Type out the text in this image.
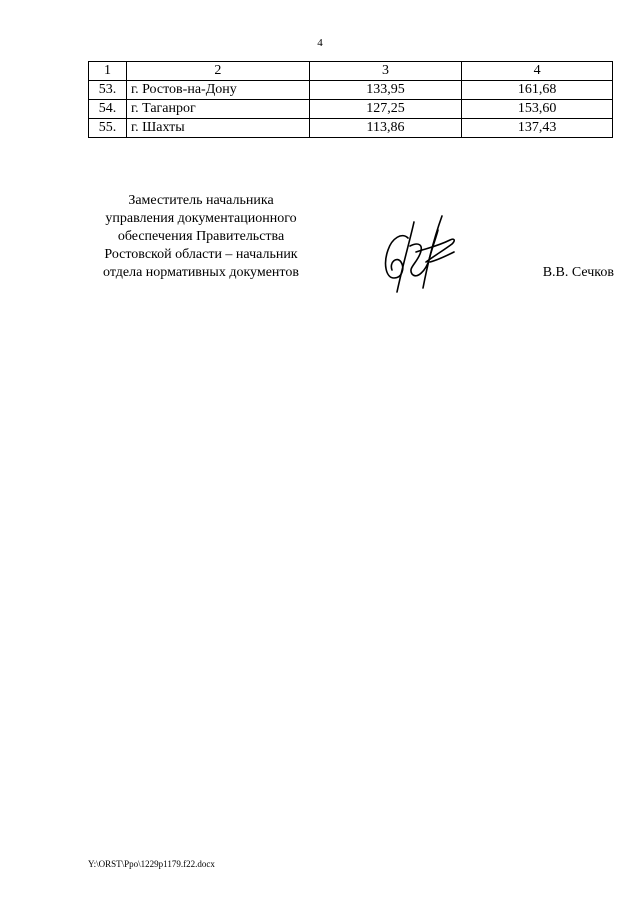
4
1	2	3	4
53.	г. Ростов-на-Дону	133,95	161,68
54.	г. Таганрог	127,25	153,60
55.	г. Шахты	113,86	137,43
Заместитель начальника
управления документационного
обеспечения Правительства
Ростовской области – начальник
отдела нормативных документов	В.В. Сечков
Y:\ORST\Ppo\1229p1179.f22.docx
